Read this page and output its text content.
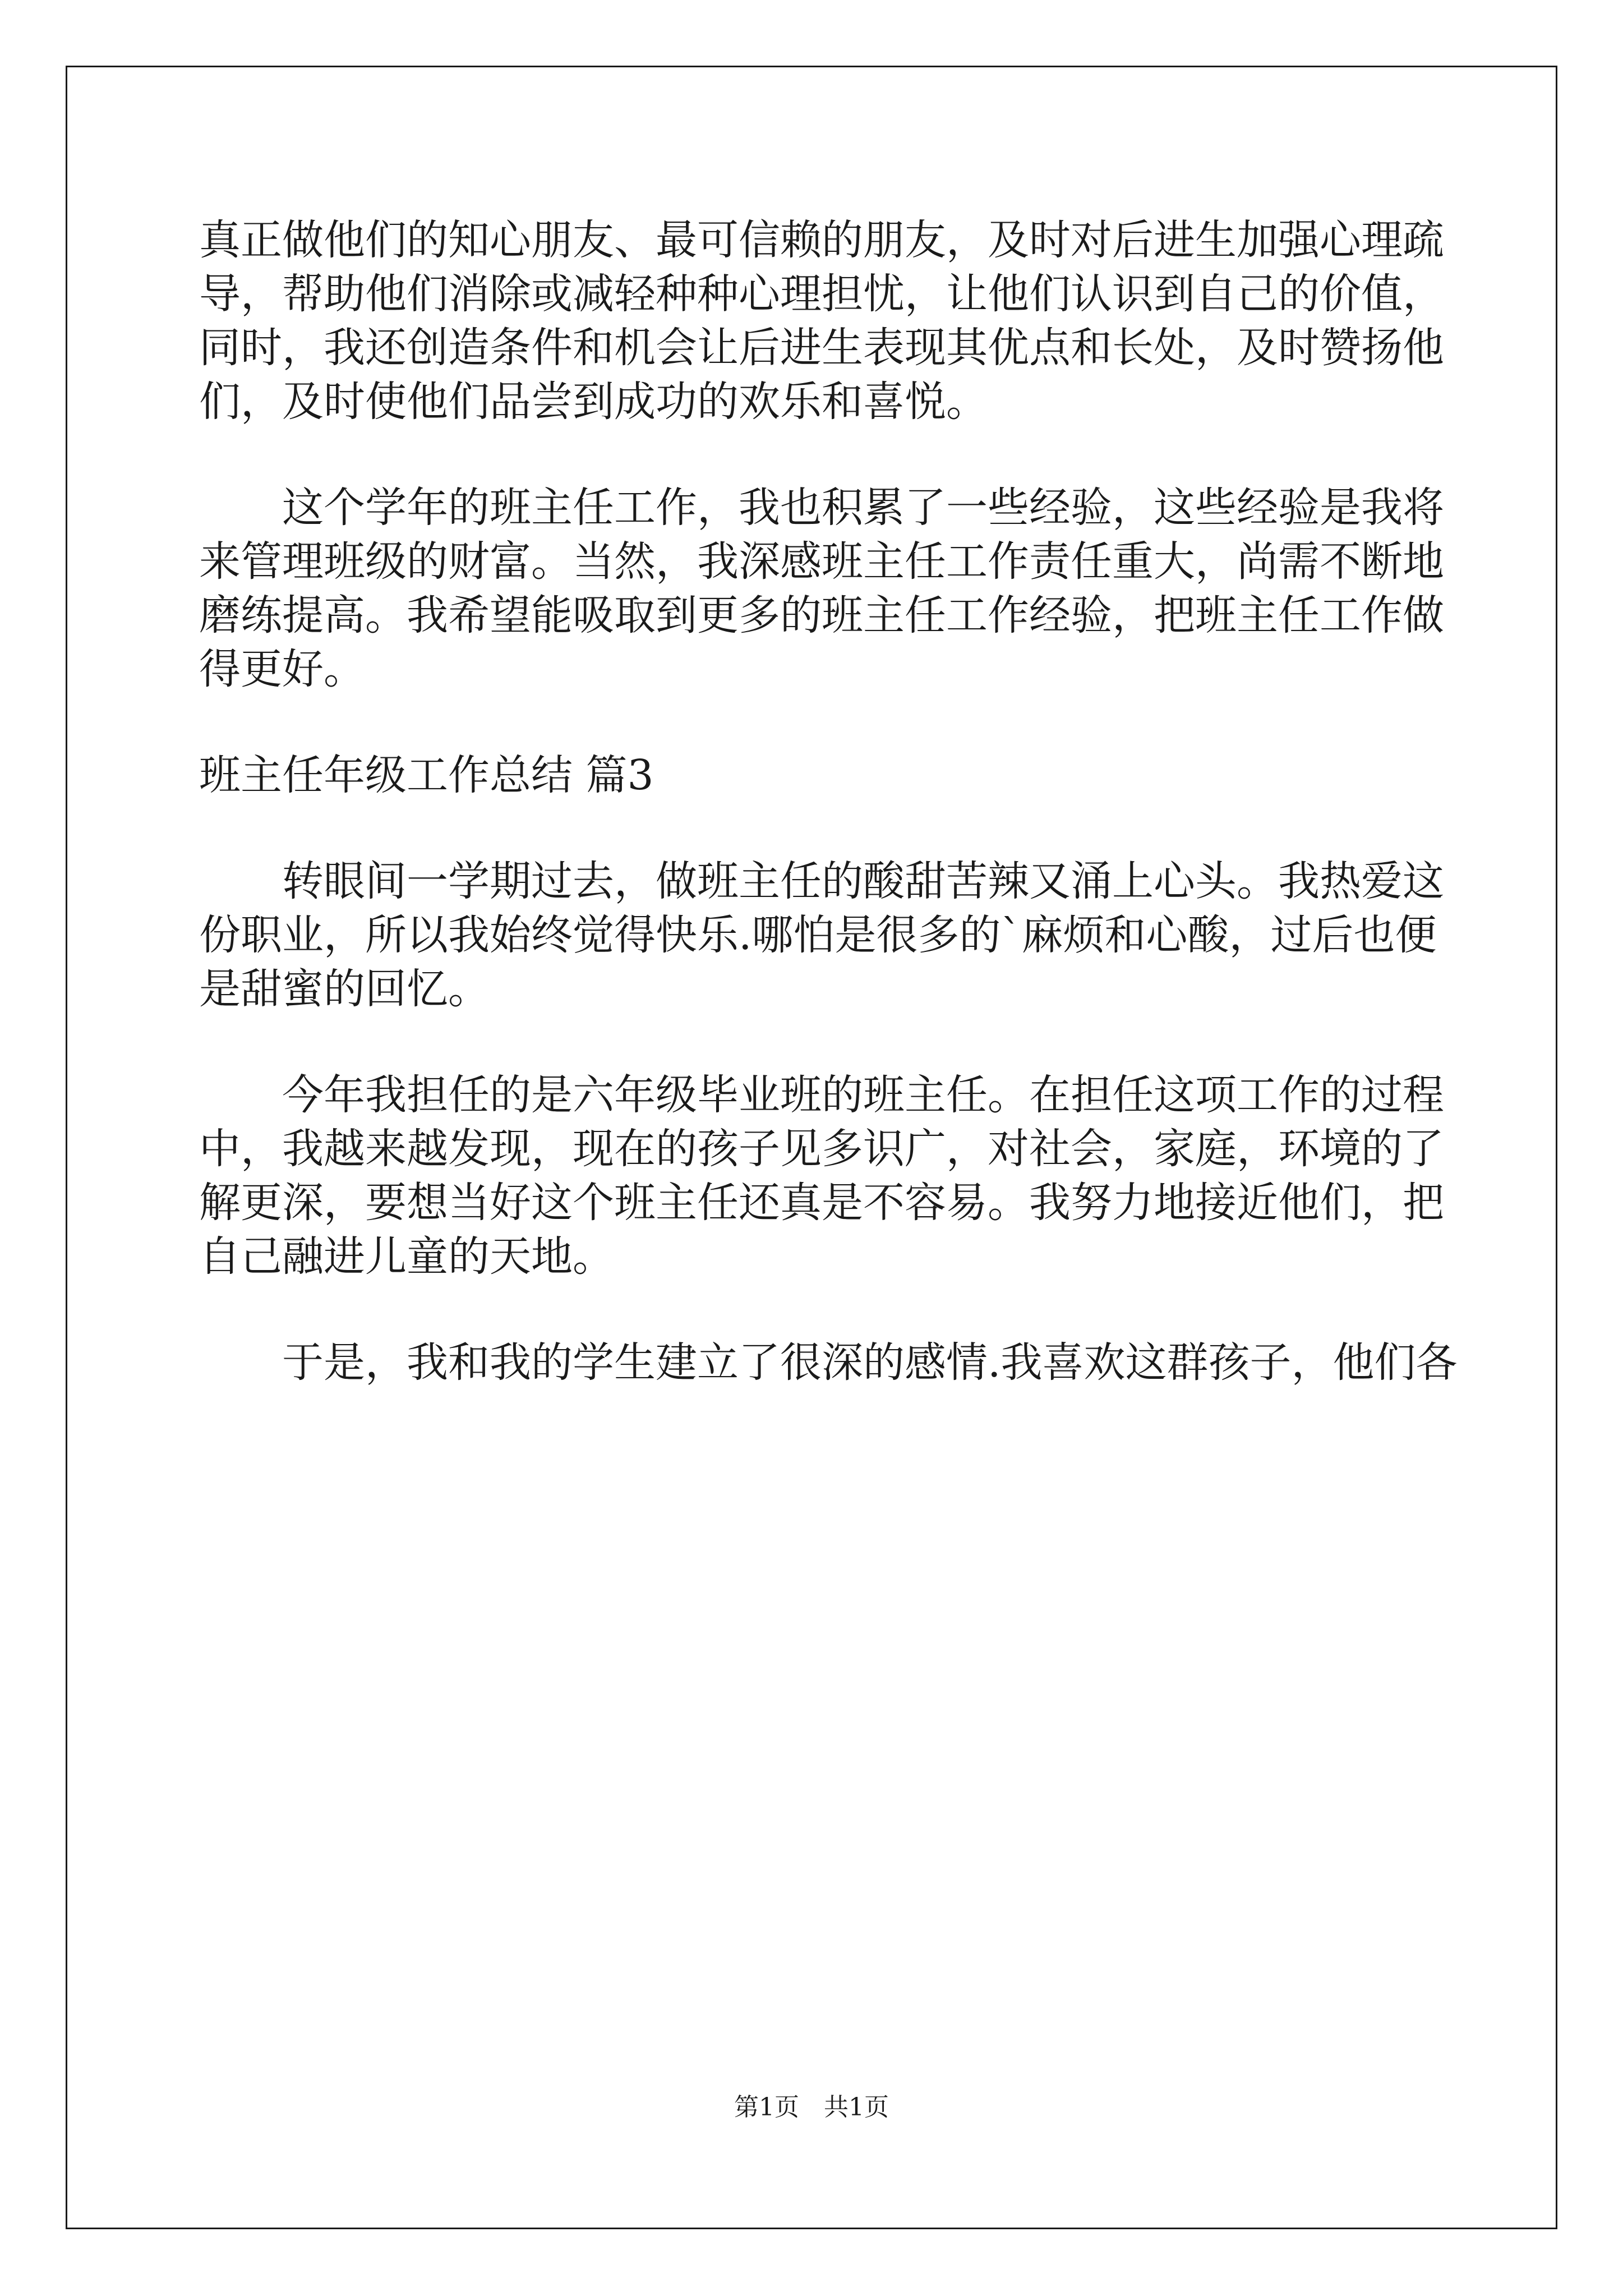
真正做他们的知心朋友、最可信赖的朋友，及时对后进生加强心理疏
导，帮助他们消除或减轻种种心理担忧，让他们认识到自己的价值，
同时，我还创造条件和机会让后进生表现其优点和长处，及时赞扬他
们，及时使他们品尝到成功的欢乐和喜悦。
　　这个学年的班主任工作，我也积累了一些经验，这些经验是我将
来管理班级的财富。当然，我深感班主任工作责任重大，尚需不断地
磨练提高。我希望能吸取到更多的班主任工作经验，把班主任工作做
得更好。
班主任年级工作总结 篇3
　　转眼间一学期过去，做班主任的酸甜苦辣又涌上心头。我热爱这
份职业，所以我始终觉得快乐.哪怕是很多的`麻烦和心酸，过后也便
是甜蜜的回忆。
　　今年我担任的是六年级毕业班的班主任。在担任这项工作的过程
中，我越来越发现，现在的孩子见多识广，对社会，家庭，环境的了
解更深，要想当好这个班主任还真是不容易。我努力地接近他们，把
自己融进儿童的天地。
　　于是，我和我的学生建立了很深的感情.我喜欢这群孩子，他们各
第1页　共1页
